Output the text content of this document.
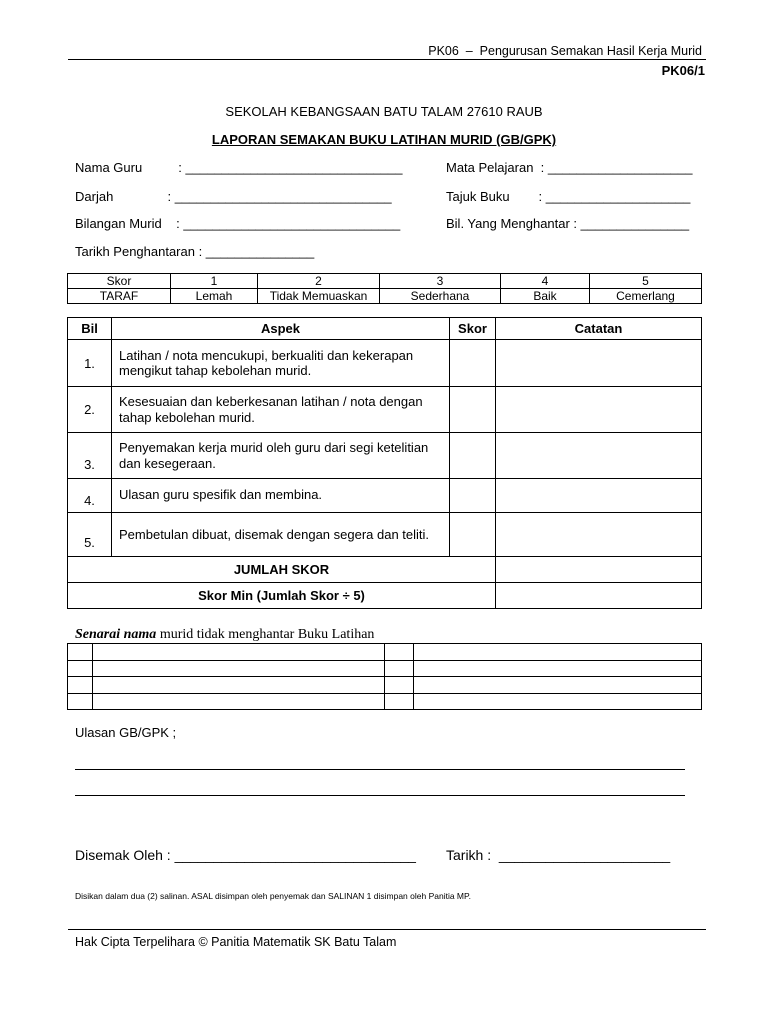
PK06  –  Pengurusan Semakan Hasil Kerja Murid
PK06/1
SEKOLAH KEBANGSAAN BATU TALAM 27610 RAUB
LAPORAN SEMAKAN BUKU LATIHAN MURID (GB/GPK)
Nama Guru          : ______________________________
Darjah               : ______________________________
Bilangan Murid    : ______________________________
Tarikh Penghantaran : _______________
Mata Pelajaran  : ____________________
Tajuk Buku        : ____________________
Bil. Yang Menghantar : _______________
Skor	1	2	3	4	5
TARAF	Lemah	Tidak Memuaskan	Sederhana	Baik	Cemerlang
Bil	Aspek	Skor	Catatan
1.	Latihan / nota mencukupi, berkualiti dan kekerapan mengikut tahap kebolehan murid.		
2.	Kesesuaian dan keberkesanan latihan / nota dengan tahap kebolehan murid.		
3.	Penyemakan kerja murid oleh guru dari segi ketelitian dan kesegeraan.		
4.	Ulasan guru spesifik dan membina.		
5.	Pembetulan dibuat, disemak dengan segera dan teliti.		
JUMLAH SKOR			
Skor Min (Jumlah Skor ÷ 5)			
Senarai nama murid tidak menghantar Buku Latihan

Ulasan GB/GPK ;
Disemak Oleh : _______________________________ Tarikh :  ______________________
Disikan dalam dua (2) salinan. ASAL disimpan oleh penyemak dan SALINAN 1 disimpan oleh Panitia MP.
Hak Cipta Terpelihara © Panitia Matematik SK Batu Talam
